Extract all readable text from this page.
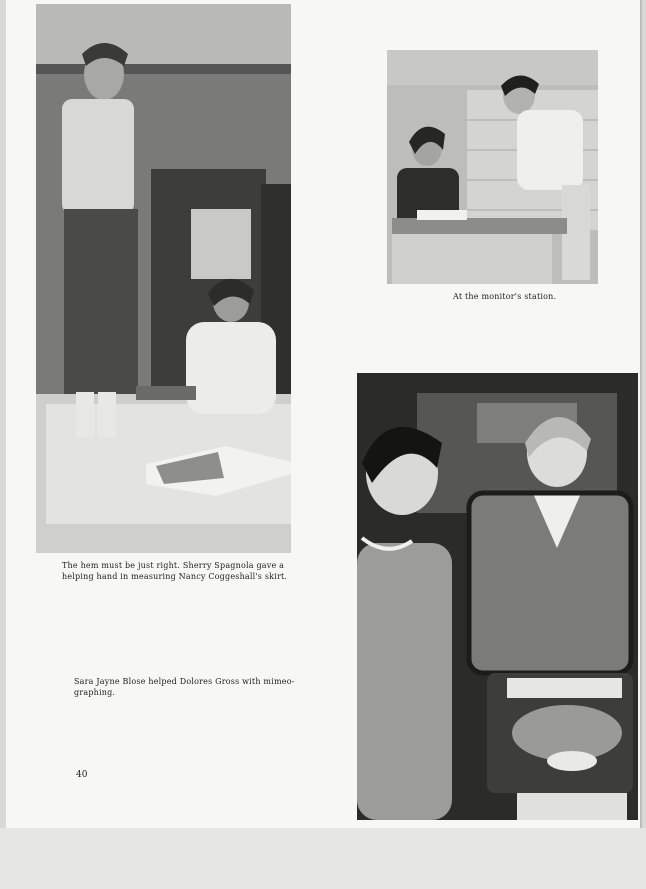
The hem must be just right. Sherry Spagnola gave a helping hand in measuring Nancy Coggeshall's skirt.
At the monitor's station.
Sara Jayne Blose helped Dolores Gross with mimeo-graphing.
40
